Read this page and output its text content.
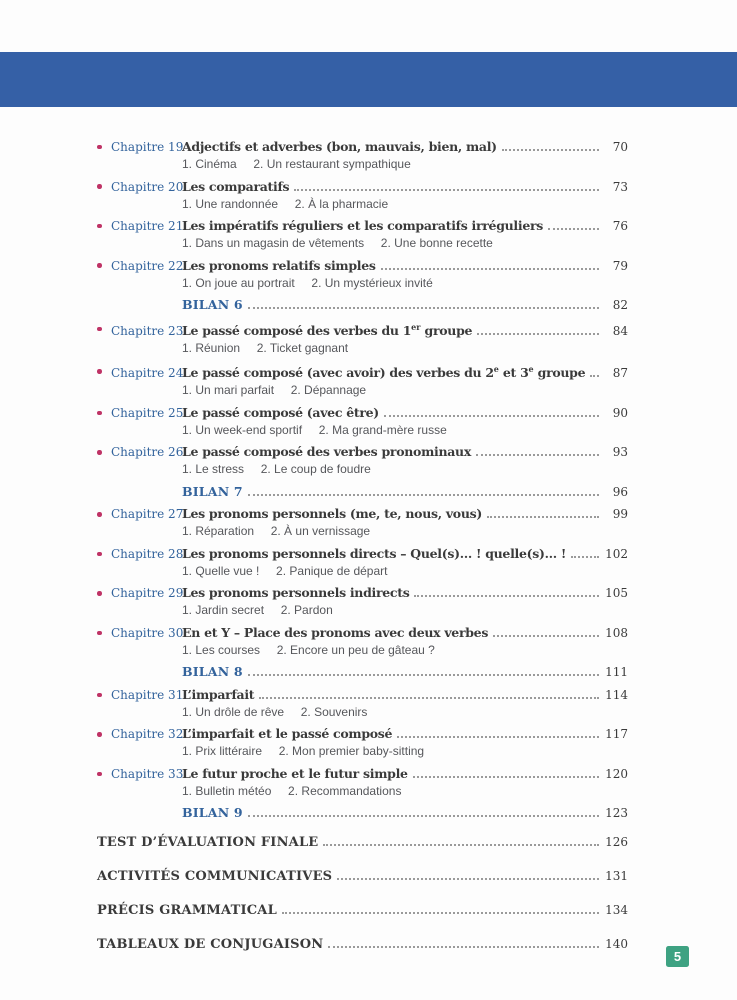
Chapitre 19
Adjectifs et adverbes (bon, mauvais, bien, mal)	70
1. Cinéma     2. Un restaurant sympathique
Chapitre 20
Les comparatifs	73
1. Une randonnée     2. À la pharmacie
Chapitre 21
Les impératifs réguliers et les comparatifs irréguliers	76
1. Dans un magasin de vêtements     2. Une bonne recette
Chapitre 22
Les pronoms relatifs simples	79
1. On joue au portrait     2. Un mystérieux invité
BILAN 6	82
Chapitre 23
Le passé composé des verbes du 1er groupe	84
1. Réunion     2. Ticket gagnant
Chapitre 24
Le passé composé (avec avoir) des verbes du 2e et 3e groupe	87
1. Un mari parfait     2. Dépannage
Chapitre 25
Le passé composé (avec être)	90
1. Un week-end sportif     2. Ma grand-mère russe
Chapitre 26
Le passé composé des verbes pronominaux	93
1. Le stress     2. Le coup de foudre
BILAN 7	96
Chapitre 27
Les pronoms personnels (me, te, nous, vous)	99
1. Réparation     2. À un vernissage
Chapitre 28
Les pronoms personnels directs – Quel(s)… ! quelle(s)… !	102
1. Quelle vue !     2. Panique de départ
Chapitre 29
Les pronoms personnels indirects	105
1. Jardin secret     2. Pardon
Chapitre 30
En et Y – Place des pronoms avec deux verbes	108
1. Les courses     2. Encore un peu de gâteau ?
BILAN 8	111
Chapitre 31
L’imparfait	114
1. Un drôle de rêve     2. Souvenirs
Chapitre 32
L’imparfait et le passé composé	117
1. Prix littéraire     2. Mon premier baby-sitting
Chapitre 33
Le futur proche et le futur simple	120
1. Bulletin météo     2. Recommandations
BILAN 9	123
TEST D’ÉVALUATION FINALE	126
ACTIVITÉS COMMUNICATIVES	131
PRÉCIS GRAMMATICAL	134
TABLEAUX DE CONJUGAISON	140
5
